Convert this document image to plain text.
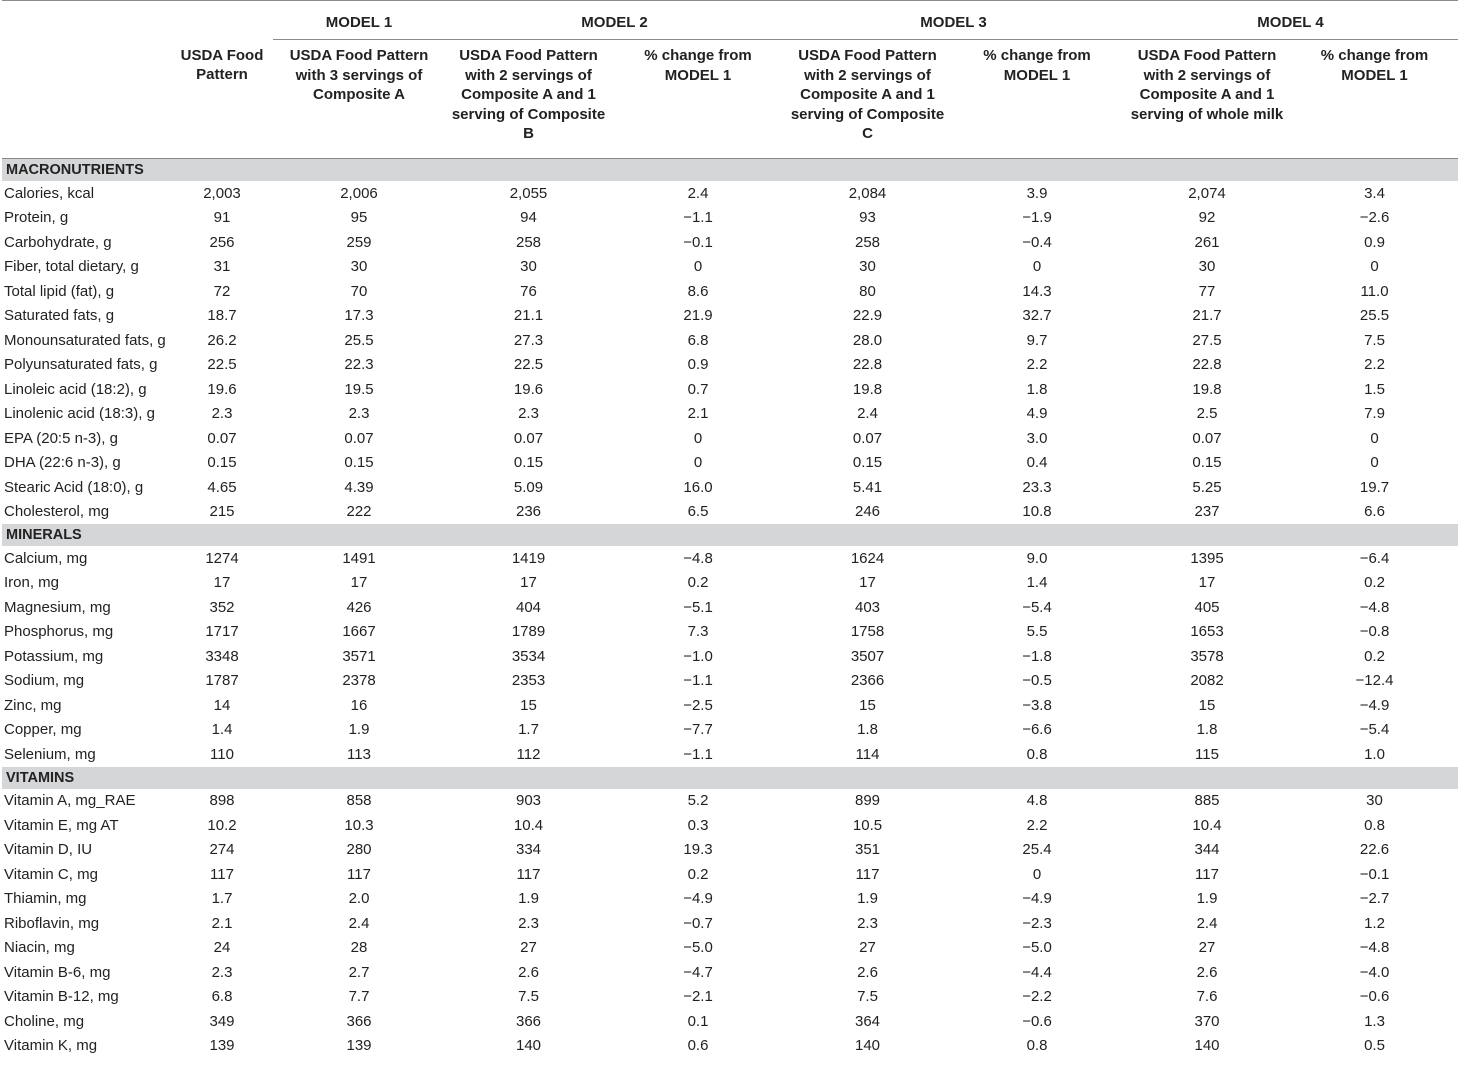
		MODEL 1	MODEL 2		MODEL 3		MODEL 4	
	USDA Food Pattern	USDA Food Pattern with 3 servings of Composite A	USDA Food Pattern with 2 servings of Composite A and 1 serving of Composite B	% change from MODEL 1	USDA Food Pattern with 2 servings of Composite A and 1 serving of Composite C	% change from MODEL 1	USDA Food Pattern with 2 servings of Composite A and 1 serving of whole milk	% change from MODEL 1
MACRONUTRIENTS								
Calories, kcal	2,003	2,006	2,055	2.4	2,084	3.9	2,074	3.4
Protein, g	91	95	94	−1.1	93	−1.9	92	−2.6
Carbohydrate, g	256	259	258	−0.1	258	−0.4	261	0.9
Fiber, total dietary, g	31	30	30	0	30	0	30	0
Total lipid (fat), g	72	70	76	8.6	80	14.3	77	11.0
Saturated fats, g	18.7	17.3	21.1	21.9	22.9	32.7	21.7	25.5
Monounsaturated fats, g	26.2	25.5	27.3	6.8	28.0	9.7	27.5	7.5
Polyunsaturated fats, g	22.5	22.3	22.5	0.9	22.8	2.2	22.8	2.2
Linoleic acid (18:2), g	19.6	19.5	19.6	0.7	19.8	1.8	19.8	1.5
Linolenic acid (18:3), g	2.3	2.3	2.3	2.1	2.4	4.9	2.5	7.9
EPA (20:5 n-3), g	0.07	0.07	0.07	0	0.07	3.0	0.07	0
DHA (22:6 n-3), g	0.15	0.15	0.15	0	0.15	0.4	0.15	0
Stearic Acid (18:0), g	4.65	4.39	5.09	16.0	5.41	23.3	5.25	19.7
Cholesterol, mg	215	222	236	6.5	246	10.8	237	6.6
MINERALS								
Calcium, mg	1274	1491	1419	−4.8	1624	9.0	1395	−6.4
Iron, mg	17	17	17	0.2	17	1.4	17	0.2
Magnesium, mg	352	426	404	−5.1	403	−5.4	405	−4.8
Phosphorus, mg	1717	1667	1789	7.3	1758	5.5	1653	−0.8
Potassium, mg	3348	3571	3534	−1.0	3507	−1.8	3578	0.2
Sodium, mg	1787	2378	2353	−1.1	2366	−0.5	2082	−12.4
Zinc, mg	14	16	15	−2.5	15	−3.8	15	−4.9
Copper, mg	1.4	1.9	1.7	−7.7	1.8	−6.6	1.8	−5.4
Selenium, mg	110	113	112	−1.1	114	0.8	115	1.0
VITAMINS								
Vitamin A, mg_RAE	898	858	903	5.2	899	4.8	885	30
Vitamin E, mg AT	10.2	10.3	10.4	0.3	10.5	2.2	10.4	0.8
Vitamin D, IU	274	280	334	19.3	351	25.4	344	22.6
Vitamin C, mg	117	117	117	0.2	117	0	117	−0.1
Thiamin, mg	1.7	2.0	1.9	−4.9	1.9	−4.9	1.9	−2.7
Riboflavin, mg	2.1	2.4	2.3	−0.7	2.3	−2.3	2.4	1.2
Niacin, mg	24	28	27	−5.0	27	−5.0	27	−4.8
Vitamin B-6, mg	2.3	2.7	2.6	−4.7	2.6	−4.4	2.6	−4.0
Vitamin B-12, mg	6.8	7.7	7.5	−2.1	7.5	−2.2	7.6	−0.6
Choline, mg	349	366	366	0.1	364	−0.6	370	1.3
Vitamin K, mg	139	139	140	0.6	140	0.8	140	0.5
